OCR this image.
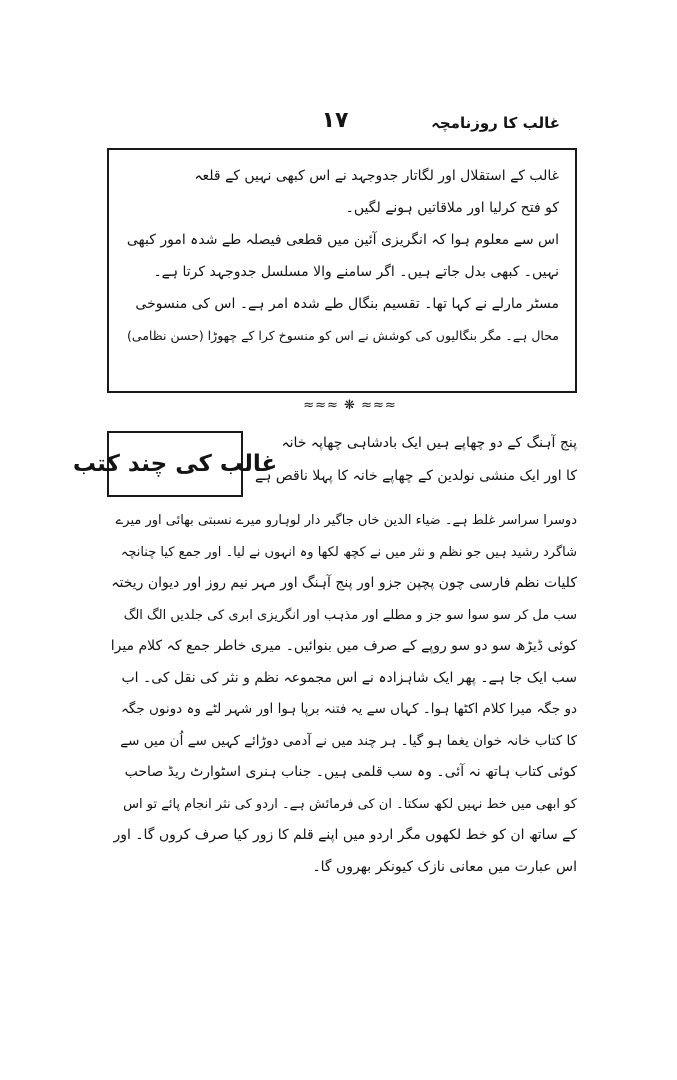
غالب کا روزنامچہ
۱۷
غالب کے استقلال اور لگاتار جدوجہد نے اس کبھی نہیں کے قلعہ
کو فتح کرلیا اور ملاقاتیں ہونے لگیں۔
اس سے معلوم ہوا کہ انگریزی آئین میں قطعی فیصلہ طے شدہ امور کبھی
نہیں۔ کبھی بدل جاتے ہیں۔ اگر سامنے والا مسلسل جدوجہد کرتا ہے۔
مسٹر مارلے نے کہا تھا۔ تقسیم بنگال طے شدہ امر ہے۔ اس کی منسوخی
محال ہے۔ مگر بنگالیوں کی کوشش نے اس کو منسوخ کرا کے چھوڑا (حسن نظامی)
≈≈≈ ❋ ≈≈≈
غالب کی چند کتب
پنج آہنگ کے دو چھاپے ہیں ایک بادشاہی چھاپہ خانہ
کا اور ایک منشی نولدین کے چھاپے خانہ کا پہلا ناقص ہے
دوسرا سراسر غلط ہے۔ ضیاء الدین خاں جاگیر دار لوہارو میرے نسبتی بھائی اور میرے
شاگرد رشید ہیں جو نظم و نثر میں نے کچھ لکھا وہ انہوں نے لیا۔ اور جمع کیا چنانچہ
کلیات نظم فارسی چون پچپن جزو اور پنج آہنگ اور مہر نیم روز اور دیوان ریختہ
سب مل کر سو سوا سو جز و مطلے اور مذہب اور انگریزی ابری کی جلدیں الگ الگ
کوئی ڈیڑھ سو دو سو روپے کے صرف میں بنوائیں۔ میری خاطر جمع کہ کلام میرا
سب ایک جا ہے۔ پھر ایک شاہزادہ نے اس مجموعہ نظم و نثر کی نقل کی۔ اب
دو جگہ میرا کلام اکٹھا ہوا۔ کہاں سے یہ فتنہ برپا ہوا اور شہر لٹے وہ دونوں جگہ
کا کتاب خانہ خوان یغما ہو گیا۔ ہر چند میں نے آدمی دوڑائے کہیں سے اُن میں سے
کوئی کتاب ہاتھ نہ آئی۔ وہ سب قلمی ہیں۔ جناب ہنری اسٹوارٹ ریڈ صاحب
کو ابھی میں خط نہیں لکھ سکتا۔ ان کی فرمائش ہے۔ اردو کی نثر انجام پائے تو اس
کے ساتھ ان کو خط لکھوں مگر اردو میں اپنے قلم کا زور کیا صرف کروں گا۔ اور
اس عبارت میں معانی نازک کیونکر بھروں گا۔
